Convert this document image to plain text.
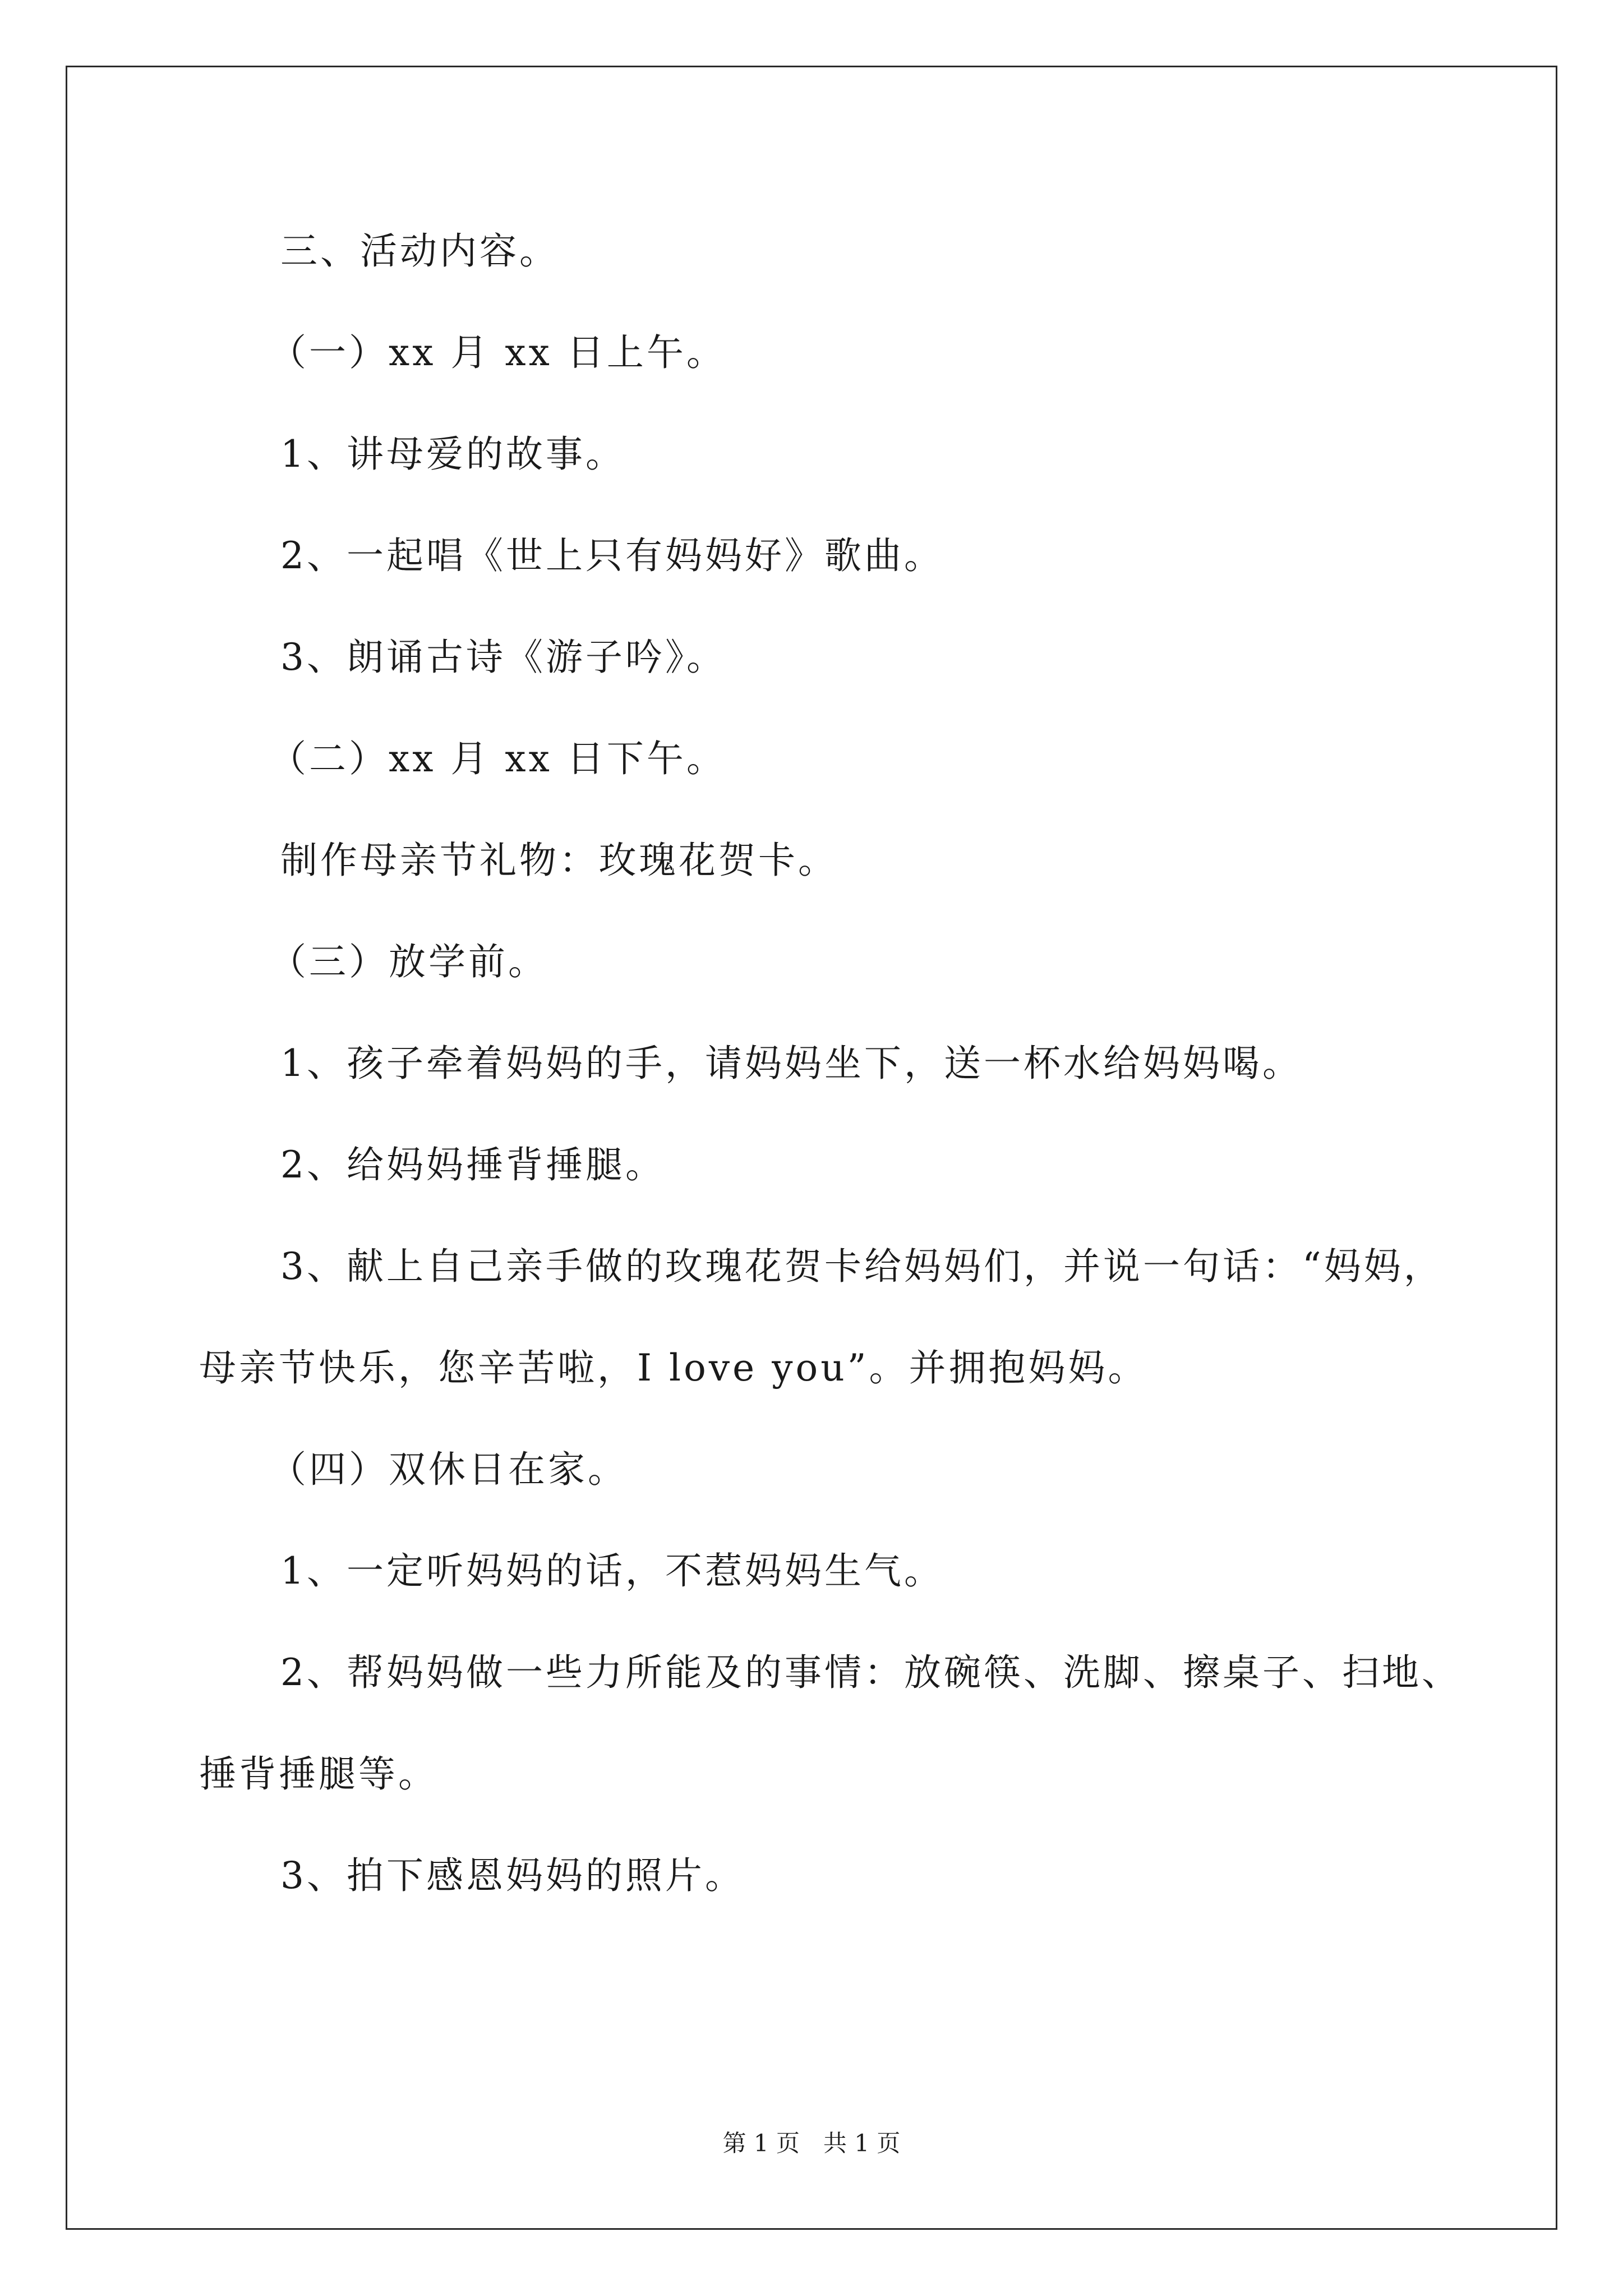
三、活动内容。
（一）xx 月 xx 日上午。
1、讲母爱的故事。
2、一起唱《世上只有妈妈好》歌曲。
3、朗诵古诗《游子吟》。
（二）xx 月 xx 日下午。
制作母亲节礼物：玫瑰花贺卡。
（三）放学前。
1、孩子牵着妈妈的手，请妈妈坐下，送一杯水给妈妈喝。
2、给妈妈捶背捶腿。
3、献上自己亲手做的玫瑰花贺卡给妈妈们，并说一句话：“妈妈，
母亲节快乐，您辛苦啦，I love you”。并拥抱妈妈。
（四）双休日在家。
1、一定听妈妈的话，不惹妈妈生气。
2、帮妈妈做一些力所能及的事情：放碗筷、洗脚、擦桌子、扫地、
捶背捶腿等。
3、拍下感恩妈妈的照片。
第 1 页　共 1 页
